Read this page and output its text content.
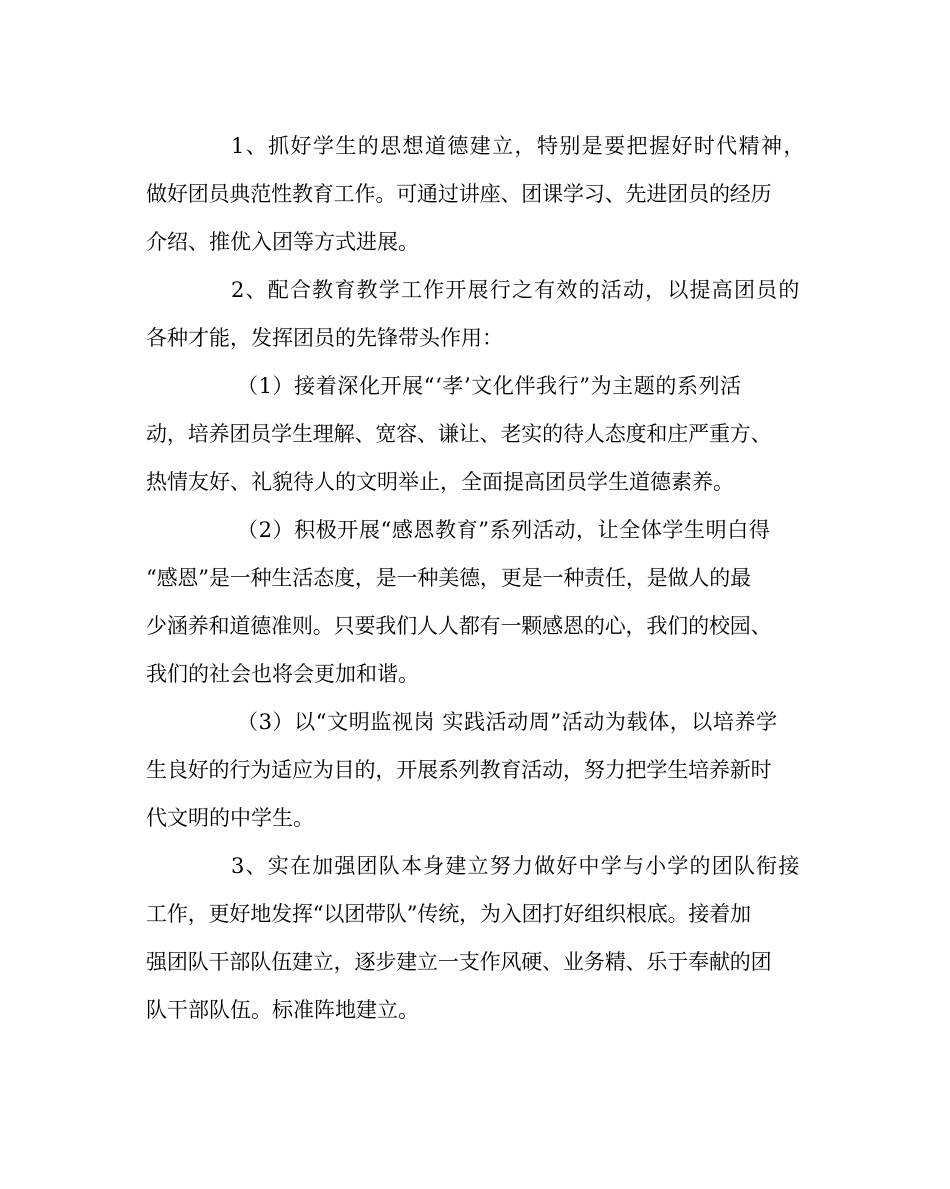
1、抓好学生的思想道德建立，特别是要把握好时代精神，
做好团员典范性教育工作。可通过讲座、团课学习、先进团员的经历
介绍、推优入团等方式进展。
2、配合教育教学工作开展行之有效的活动，以提高团员的
各种才能，发挥团员的先锋带头作用：
（1）接着深化开展“‘孝’文化伴我行”为主题的系列活
动，培养团员学生理解、宽容、谦让、老实的待人态度和庄严重方、
热情友好、礼貌待人的文明举止，全面提高团员学生道德素养。
（2）积极开展“感恩教育”系列活动，让全体学生明白得
“感恩”是一种生活态度，是一种美德，更是一种责任，是做人的最
少涵养和道德准则。只要我们人人都有一颗感恩的心，我们的校园、
我们的社会也将会更加和谐。
（3）以“文明监视岗 实践活动周”活动为载体，以培养学
生良好的行为适应为目的，开展系列教育活动，努力把学生培养新时
代文明的中学生。
3、实在加强团队本身建立努力做好中学与小学的团队衔接
工作，更好地发挥“以团带队”传统，为入团打好组织根底。接着加
强团队干部队伍建立，逐步建立一支作风硬、业务精、乐于奉献的团
队干部队伍。标准阵地建立。
